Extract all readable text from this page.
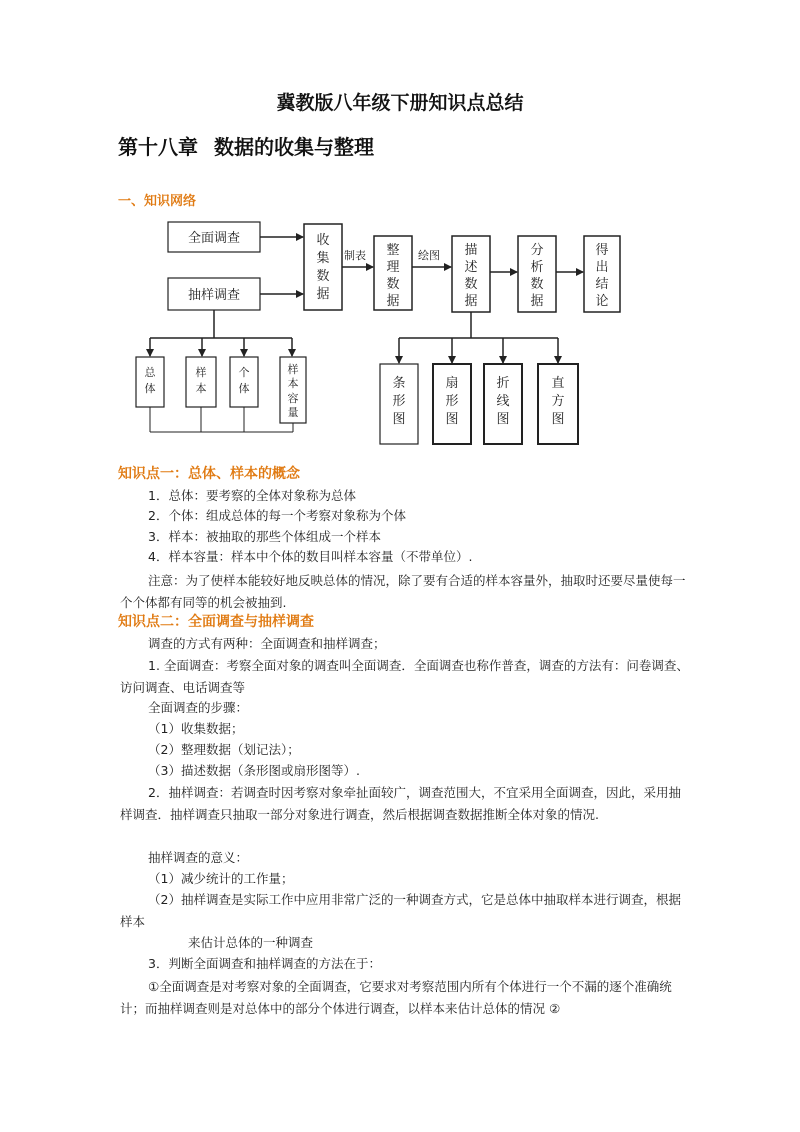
冀教版八年级下册知识点总结
第十八章 数据的收集与整理
一、知识网络
全面调查
抽样调查
收
集
数
据
制表 整
理
数
据
绘图 描
述
数
据
分
析
数
据
得
出
结
论
总
体
样
本
个
体
样
本
容
量
条
形
图
扇
形
图
折
线
图
直
方
图
知识点一：总体、样本的概念
1．总体：要考察的全体对象称为总体
2．个体：组成总体的每一个考察对象称为个体
3．样本：被抽取的那些个体组成一个样本
4．样本容量：样本中个体的数目叫样本容量（不带单位）.
注意：为了使样本能较好地反映总体的情况，除了要有合适的样本容量外，抽取时还要尽量使每一个个体都有同等的机会被抽到.
知识点二：全面调查与抽样调查
调查的方式有两种：全面调查和抽样调查；
1. 全面调查：考察全面对象的调查叫全面调查．全面调查也称作普查，调查的方法有：问卷调查、访问调查、电话调查等
全面调查的步骤：
（1）收集数据；
（2）整理数据（划记法）；
（3）描述数据（条形图或扇形图等）.
2．抽样调查：若调查时因考察对象牵扯面较广，调查范围大，不宜采用全面调查，因此，采用抽样调查．抽样调查只抽取一部分对象进行调查，然后根据调查数据推断全体对象的情况.
抽样调查的意义：
（1）减少统计的工作量；
（2）抽样调查是实际工作中应用非常广泛的一种调查方式，它是总体中抽取样本进行调查，根据样本
来估计总体的一种调查
3．判断全面调查和抽样调查的方法在于：
①全面调查是对考察对象的全面调查，它要求对考察范围内所有个体进行一个不漏的逐个准确统计；而抽样调查则是对总体中的部分个体进行调查，以样本来估计总体的情况 ②
